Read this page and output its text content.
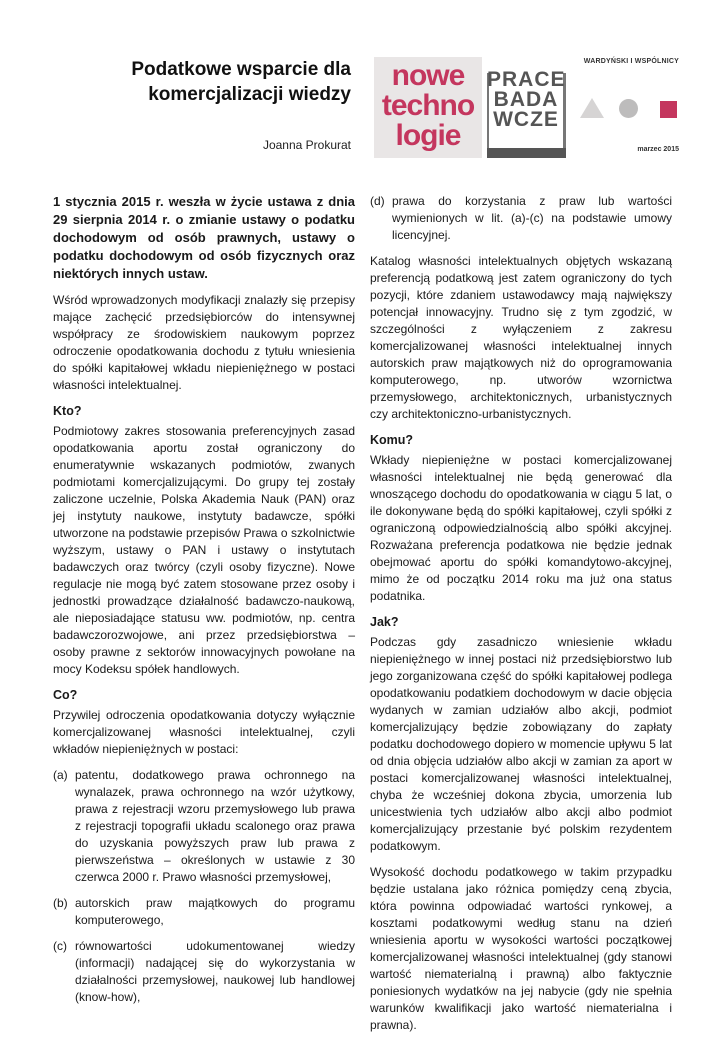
Podatkowe wsparcie dla
komercjalizacji wiedzy
Joanna Prokurat
nowe
techno
logie
PRACE
BADA
WCZE
WARDYŃSKI I WSPÓLNICY
marzec 2015

1 stycznia 2015 r. weszła w życie ustawa z dnia 29 sierpnia 2014 r. o zmianie ustawy o podatku dochodowym od osób prawnych, ustawy o podatku dochodowym od osób fizycznych oraz niektórych innych ustaw.

Wśród wprowadzonych modyfikacji znalazły się przepisy mające zachęcić przedsiębiorców do intensywnej współpracy ze środowiskiem naukowym poprzez odroczenie opodatkowania dochodu z tytułu wniesienia do spółki kapitałowej wkładu niepieniężnego w postaci własności intelektualnej.

Kto?

Podmiotowy zakres stosowania preferencyjnych zasad opodatkowania aportu został ograniczony do enumeratywnie wskazanych podmiotów, zwanych podmiotami komercjalizującymi. Do grupy tej zostały zaliczone uczelnie, Polska Akademia Nauk (PAN) oraz jej instytuty naukowe, instytuty badawcze, spółki utworzone na podstawie przepisów Prawa o szkolnictwie wyższym, ustawy o PAN i ustawy o instytutach badawczych oraz twórcy (czyli osoby fizyczne). Nowe regulacje nie mogą być zatem stosowane przez osoby i jednostki prowadzące działalność badawczo-naukową, ale nieposiadające statusu ww. podmiotów, np. centra badawczorozwojowe, ani przez przedsiębiorstwa – osoby prawne z sektorów innowacyjnych powołane na mocy Kodeksu spółek handlowych.

Co?

Przywilej odroczenia opodatkowania dotyczy wyłącznie komercjalizowanej własności intelektualnej, czyli wkładów niepieniężnych w postaci:

(a) patentu, dodatkowego prawa ochronnego na wynalazek, prawa ochronnego na wzór użytkowy, prawa z rejestracji wzoru przemysłowego lub prawa z rejestracji topografii układu scalonego oraz prawa do uzyskania powyższych praw lub prawa z pierwszeństwa – określonych w ustawie z 30 czerwca 2000 r. Prawo własności przemysłowej,
(b) autorskich praw majątkowych do programu komputerowego,
(c) równowartości udokumentowanej wiedzy (informacji) nadającej się do wykorzystania w działalności przemysłowej, naukowej lub handlowej (know-how),
(d) prawa do korzystania z praw lub wartości wymienionych w lit. (a)-(c) na podstawie umowy licencyjnej.

Katalog własności intelektualnych objętych wskazaną preferencją podatkową jest zatem ograniczony do tych pozycji, które zdaniem ustawodawcy mają największy potencjał innowacyjny. Trudno się z tym zgodzić, w szczególności z wyłączeniem z zakresu komercjalizowanej własności intelektualnej innych autorskich praw majątkowych niż do oprogramowania komputerowego, np. utworów wzornictwa przemysłowego, architektonicznych, urbanistycznych czy architektoniczno-urbanistycznych.

Komu?

Wkłady niepieniężne w postaci komercjalizowanej własności intelektualnej nie będą generować dla wnoszącego dochodu do opodatkowania w ciągu 5 lat, o ile dokonywane będą do spółki kapitałowej, czyli spółki z ograniczoną odpowiedzialnością albo spółki akcyjnej. Rozważana preferencja podatkowa nie będzie jednak obejmować aportu do spółki komandytowo-akcyjnej, mimo że od początku 2014 roku ma już ona status podatnika.

Jak?

Podczas gdy zasadniczo wniesienie wkładu niepieniężnego w innej postaci niż przedsiębiorstwo lub jego zorganizowana część do spółki kapitałowej podlega opodatkowaniu podatkiem dochodowym w dacie objęcia wydanych w zamian udziałów albo akcji, podmiot komercjalizujący będzie zobowiązany do zapłaty podatku dochodowego dopiero w momencie upływu 5 lat od dnia objęcia udziałów albo akcji w zamian za aport w postaci komercjalizowanej własności intelektualnej, chyba że wcześniej dokona zbycia, umorzenia lub unicestwienia tych udziałów albo akcji albo podmiot komercjalizujący przestanie być polskim rezydentem podatkowym.

Wysokość dochodu podatkowego w takim przypadku będzie ustalana jako różnica pomiędzy ceną zbycia, która powinna odpowiadać wartości rynkowej, a kosztami podatkowymi według stanu na dzień wniesienia aportu w wysokości wartości początkowej komercjalizowanej własności intelektualnej (gdy stanowi wartość niematerialną i prawną) albo faktycznie poniesionych wydatków na jej nabycie (gdy nie spełnia warunków kwalifikacji jako wartość niematerialna i prawna).
